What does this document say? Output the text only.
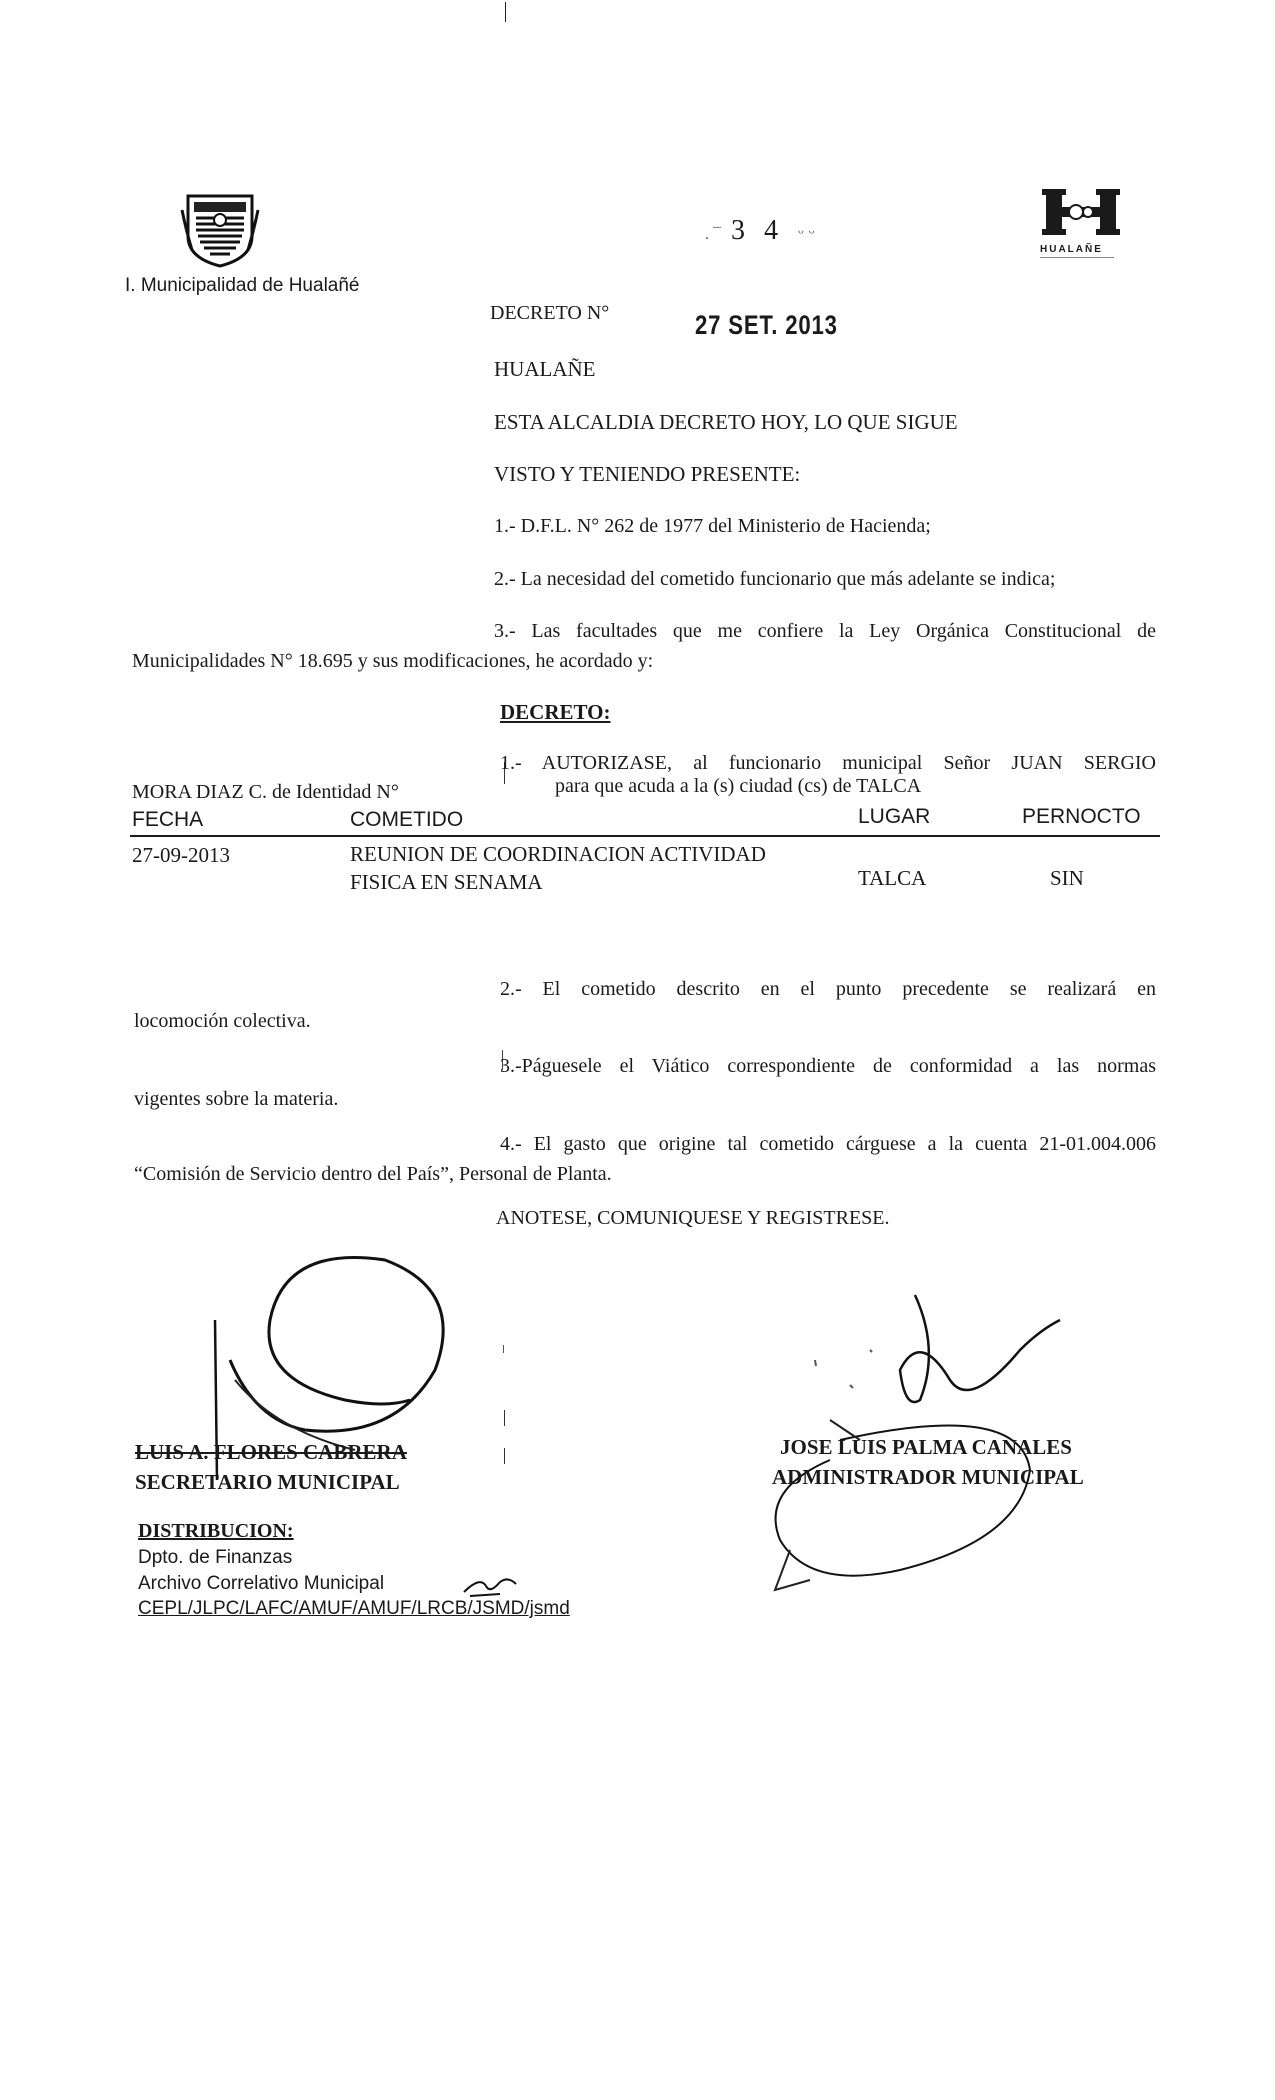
I. Municipalidad de Hualañé
. ¯ 3 4 ᵕ ᵕ
HUALAÑE
DECRETO N°	27 SET. 2013
HUALAÑE
ESTA ALCALDIA DECRETO HOY, LO QUE SIGUE
VISTO Y TENIENDO PRESENTE:
1.- D.F.L. N° 262 de 1977 del Ministerio de Hacienda;
2.- La necesidad del cometido funcionario que más adelante se indica;
3.- Las facultades que me confiere la Ley Orgánica Constitucional de
Municipalidades N° 18.695 y sus modificaciones, he acordado y:
DECRETO:
1.- AUTORIZASE, al funcionario municipal Señor JUAN SERGIO
MORA DIAZ C. de Identidad N°	para que acuda a la (s) ciudad (cs) de TALCA
FECHA	COMETIDO	LUGAR	PERNOCTO
27-09-2013	REUNION DE COORDINACION ACTIVIDAD
FISICA EN SENAMA	TALCA	SIN
2.- El cometido descrito en el punto precedente se realizará en
locomoción colectiva.
3.-Páguesele el Viático correspondiente de conformidad a las normas
vigentes sobre la materia.
4.- El gasto que origine tal cometido cárguese a la cuenta 21-01.004.006
“Comisión de Servicio dentro del País”, Personal de Planta.
ANOTESE, COMUNIQUESE Y REGISTRESE.
LUIS A. FLORES CABRERA
SECRETARIO MUNICIPAL
JOSE LUIS PALMA CANALES
ADMINISTRADOR MUNICIPAL
DISTRIBUCION:
Dpto. de Finanzas
Archivo Correlativo Municipal
CEPL/JLPC/LAFC/AMUF/AMUF/LRCB/JSMD/jsmd
